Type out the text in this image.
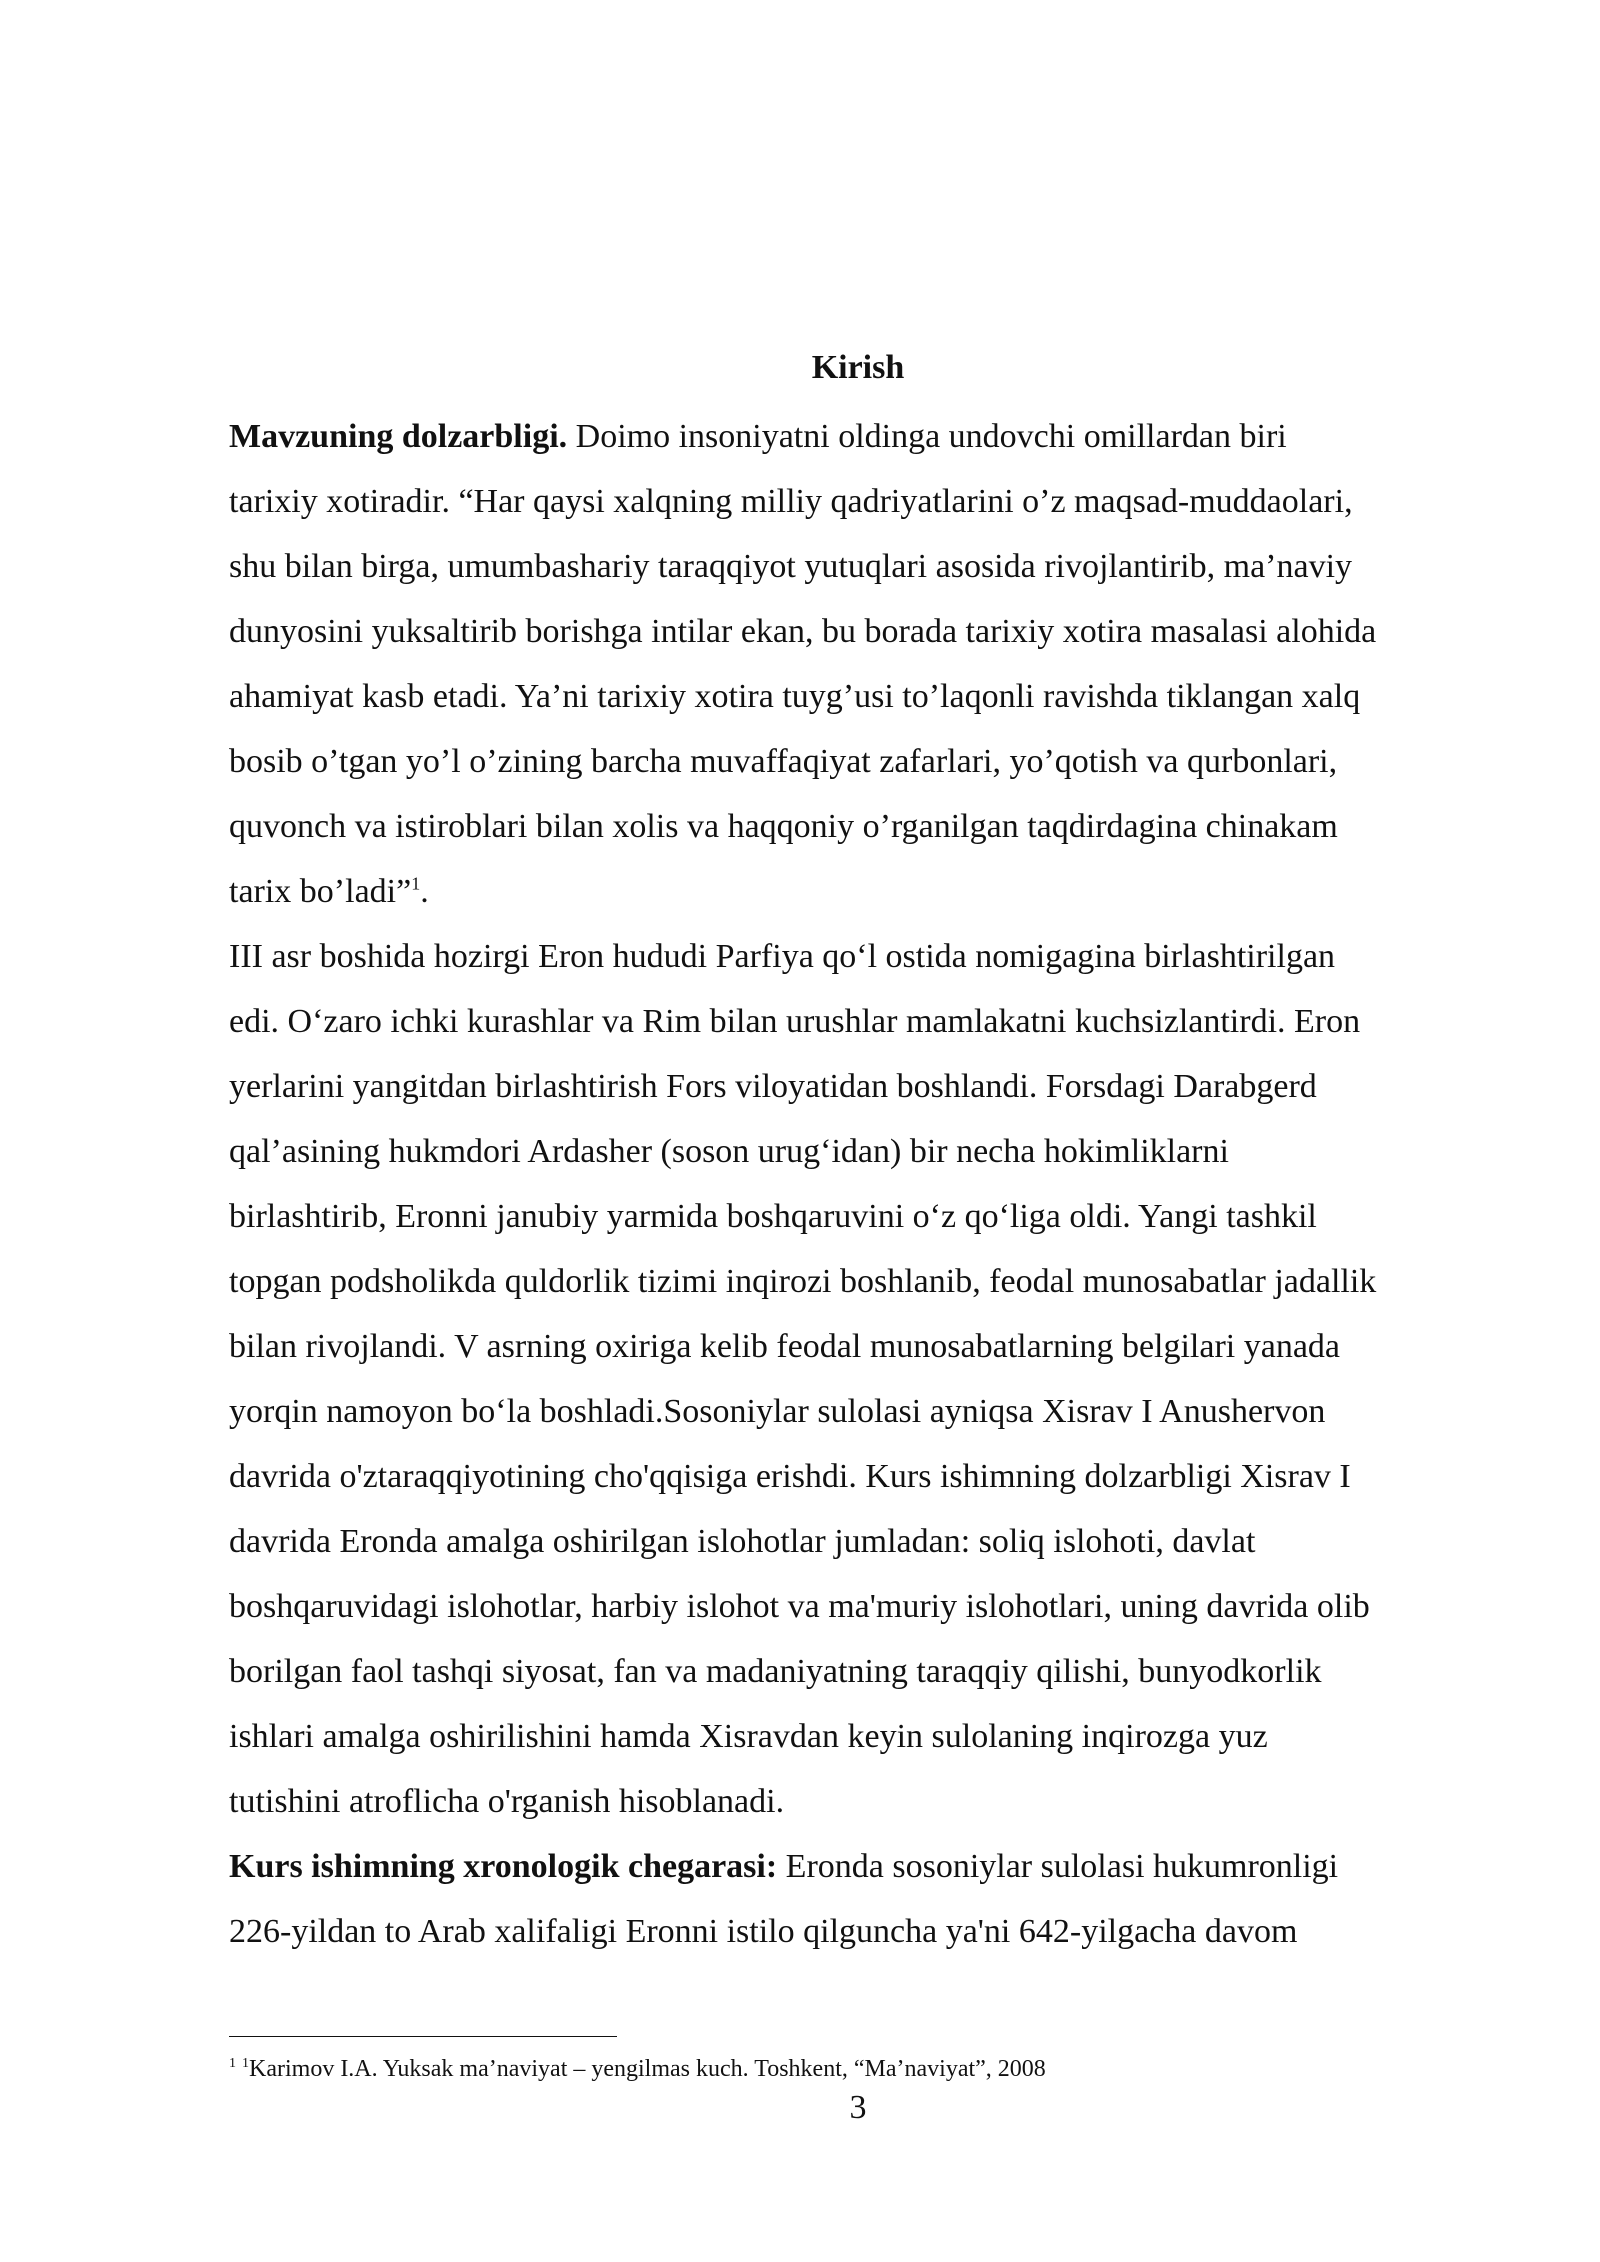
Kirish

Mavzuning dolzarbligi. Doimo insoniyatni oldinga undovchi omillardan biri
tarixiy xotiradir. “Har qaysi xalqning milliy qadriyatlarini o’z maqsad-muddaolari,
shu bilan birga, umumbashariy taraqqiyot yutuqlari asosida rivojlantirib, ma’naviy
dunyosini yuksaltirib borishga intilar ekan, bu borada tarixiy xotira masalasi alohida
ahamiyat kasb etadi. Ya’ni tarixiy xotira tuyg’usi to’laqonli ravishda tiklangan xalq
bosib o’tgan yo’l o’zining barcha muvaffaqiyat zafarlari, yo’qotish va qurbonlari,
quvonch va istiroblari bilan xolis va haqqoniy o’rganilgan taqdirdagina chinakam
tarix bo’ladi”$^1$.

III asr boshida hozirgi Eron hududi Parfiya qo‘l ostida nomigagina birlashtirilgan
edi. O‘zaro ichki kurashlar va Rim bilan urushlar mamlakatni kuchsizlantirdi. Eron
yerlarini yangitdan birlashtirish Fors viloyatidan boshlandi. Forsdagi Darabgerd
qal’asining hukmdori Ardasher (soson urug‘idan) bir necha hokimliklarni
birlashtirib, Eronni janubiy yarmida boshqaruvini o‘z qo‘liga oldi. Yangi tashkil
topgan podsholikda quldorlik tizimi inqirozi boshlanib, feodal munosabatlar jadallik
bilan rivojlandi. V asrning oxiriga kelib feodal munosabatlarning belgilari yanada
yorqin namoyon bo‘la boshladi.Sosoniylar sulolasi ayniqsa Xisrav I Anushervon
davrida o'ztaraqqiyotining cho'qqisiga erishdi. Kurs ishimning dolzarbligi Xisrav I
davrida Eronda amalga oshirilgan islohotlar jumladan: soliq islohoti, davlat
boshqaruvidagi islohotlar, harbiy islohot va ma'muriy islohotlari, uning davrida olib
borilgan faol tashqi siyosat, fan va madaniyatning taraqqiy qilishi, bunyodkorlik
ishlari amalga oshirilishini hamda Xisravdan keyin sulolaning inqirozga yuz
tutishini atroflicha o'rganish hisoblanadi.

Kurs ishimning xronologik chegarasi: Eronda sosoniylar sulolasi hukumronligi
226-yildan to Arab xalifaligi Eronni istilo qilguncha ya'ni 642-yilgacha davom

$^1$ $^1$Karimov I.A. Yuksak ma’naviyat – yengilmas kuch. Toshkent, “Ma’naviyat”, 2008

3
